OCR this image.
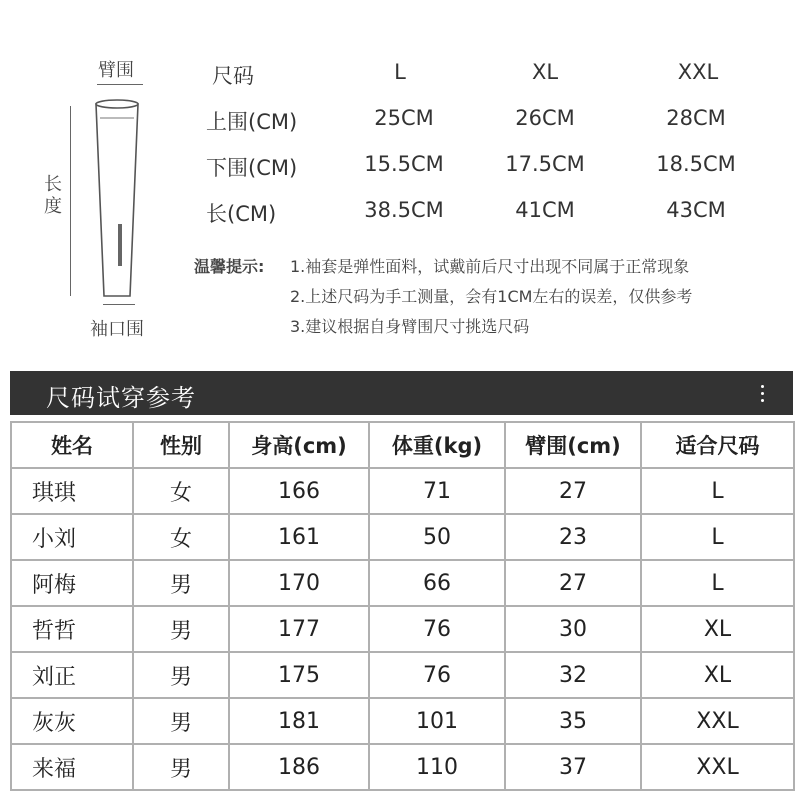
臂围
长度
袖口围
尺码	L	XL	XXL
上围(CM)	25CM	26CM	28CM
下围(CM)	15.5CM	17.5CM	18.5CM
长(CM)	38.5CM	41CM	43CM
温馨提示: 1.袖套是弹性面料，试戴前后尺寸出现不同属于正常现象
2.上述尺码为手工测量，会有1CM左右的误差，仅供参考
3.建议根据自身臂围尺寸挑选尺码
尺码试穿参考
姓名	性别	身高(cm)	体重(kg)	臂围(cm)	适合尺码
琪琪	女	166	71	27	L
小刘	女	161	50	23	L
阿梅	男	170	66	27	L
哲哲	男	177	76	30	XL
刘正	男	175	76	32	XL
灰灰	男	181	101	35	XXL
来福	男	186	110	37	XXL
